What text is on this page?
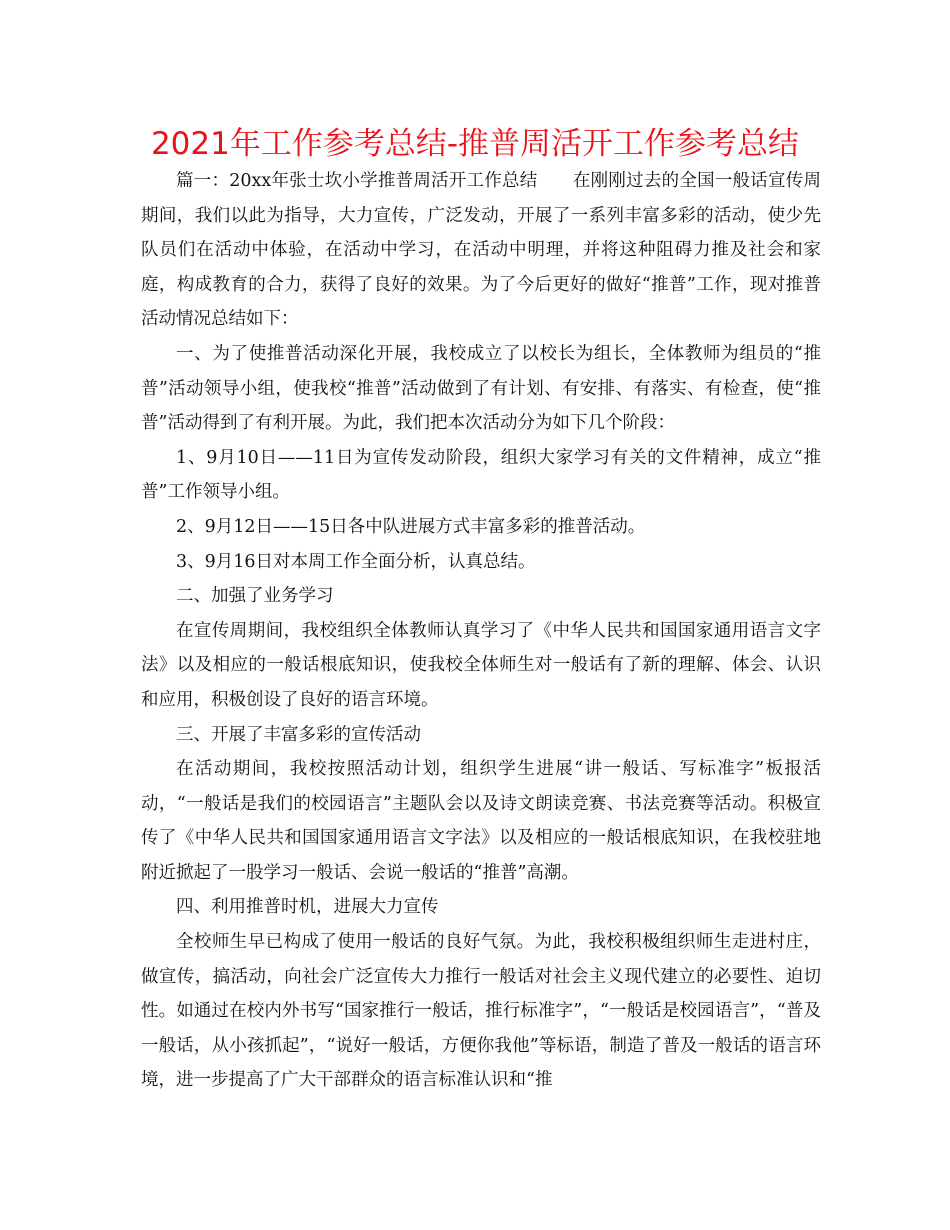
2021年工作参考总结-推普周活开工作参考总结

篇一：20xx年张士坎小学推普周活开工作总结　　在刚刚过去的全国一般话宣传周期间，我们以此为指导，大力宣传，广泛发动，开展了一系列丰富多彩的活动，使少先队员们在活动中体验，在活动中学习，在活动中明理，并将这种阻碍力推及社会和家庭，构成教育的合力，获得了良好的效果。为了今后更好的做好“推普”工作，现对推普活动情况总结如下：

一、为了使推普活动深化开展，我校成立了以校长为组长，全体教师为组员的“推普”活动领导小组，使我校“推普”活动做到了有计划、有安排、有落实、有检查，使“推普”活动得到了有利开展。为此，我们把本次活动分为如下几个阶段：

1、9月10日——11日为宣传发动阶段，组织大家学习有关的文件精神，成立“推普”工作领导小组。

2、9月12日——15日各中队进展方式丰富多彩的推普活动。

3、9月16日对本周工作全面分析，认真总结。

二、加强了业务学习

在宣传周期间，我校组织全体教师认真学习了《中华人民共和国国家通用语言文字法》以及相应的一般话根底知识，使我校全体师生对一般话有了新的理解、体会、认识和应用，积极创设了良好的语言环境。

三、开展了丰富多彩的宣传活动

在活动期间，我校按照活动计划，组织学生进展“讲一般话、写标准字”板报活动，“一般话是我们的校园语言”主题队会以及诗文朗读竞赛、书法竞赛等活动。积极宣传了《中华人民共和国国家通用语言文字法》以及相应的一般话根底知识，在我校驻地附近掀起了一股学习一般话、会说一般话的“推普”高潮。

四、利用推普时机，进展大力宣传

全校师生早已构成了使用一般话的良好气氛。为此，我校积极组织师生走进村庄，做宣传，搞活动，向社会广泛宣传大力推行一般话对社会主义现代建立的必要性、迫切性。如通过在校内外书写“国家推行一般话，推行标准字”，“一般话是校园语言”，“普及一般话，从小孩抓起”，“说好一般话，方便你我他”等标语，制造了普及一般话的语言环境，进一步提高了广大干部群众的语言标准认识和“推
